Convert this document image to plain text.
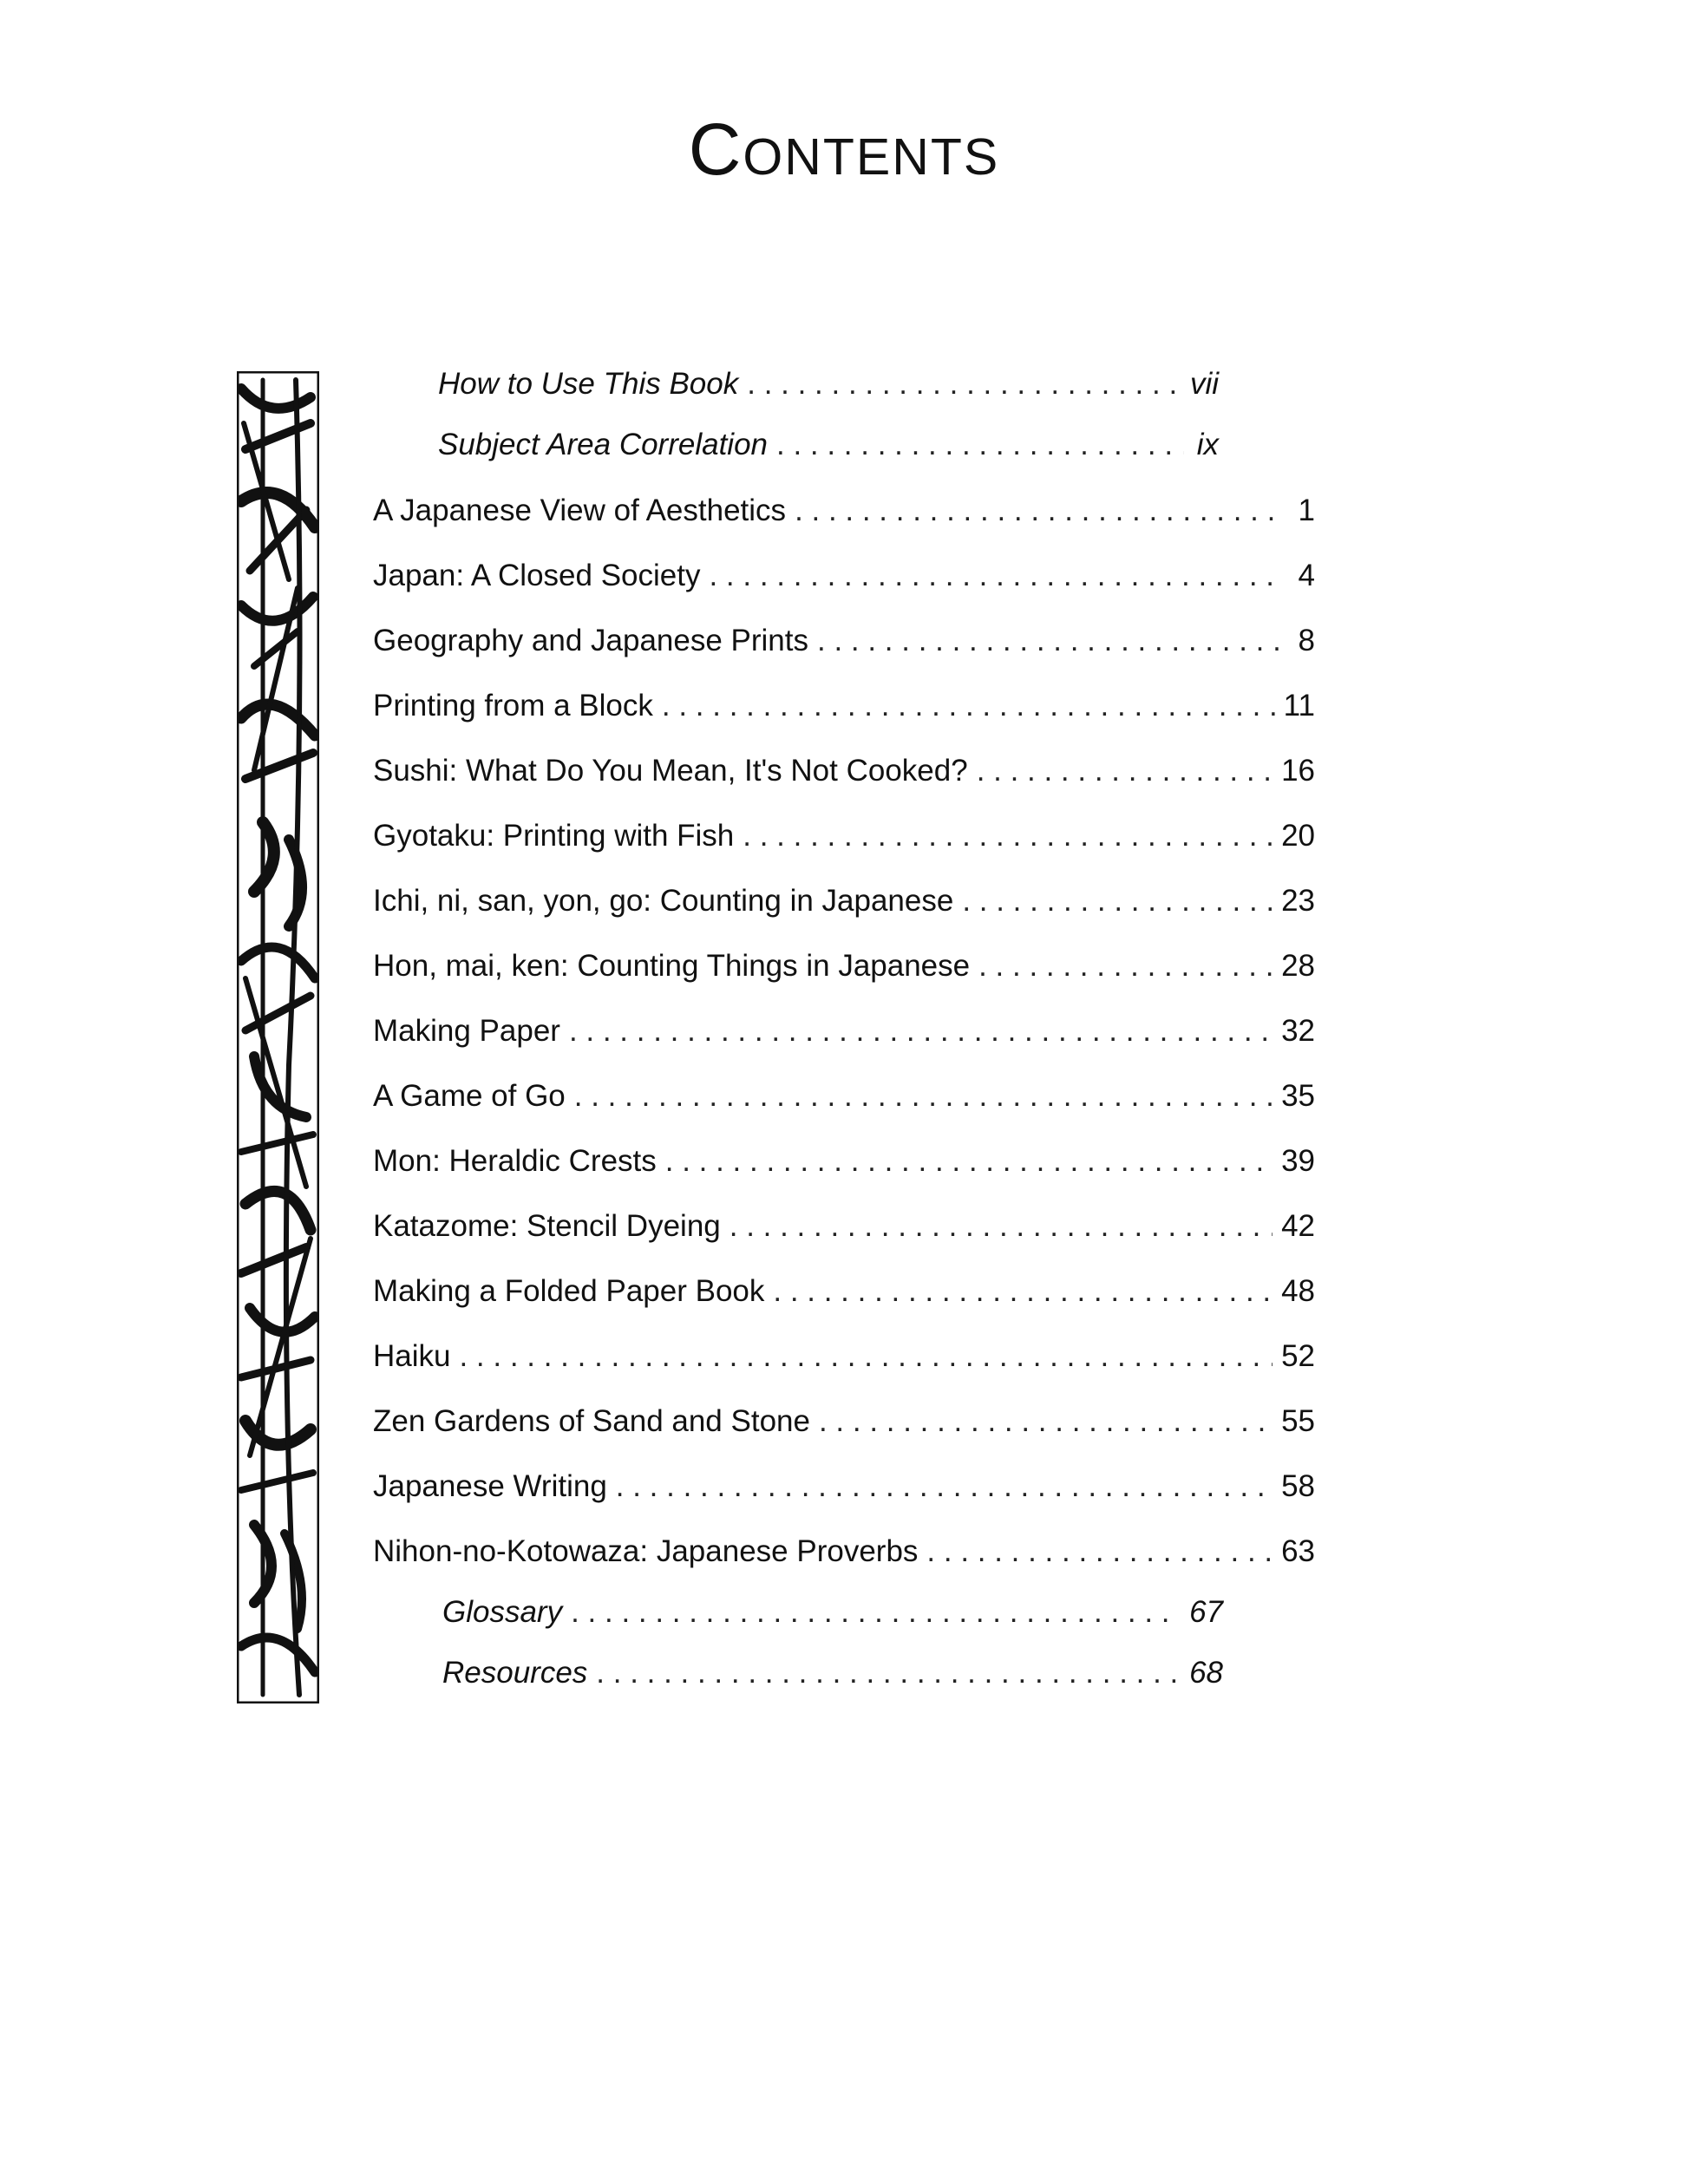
Contents
How to Use This Book . . .	vii
Subject Area Correlation . . .	ix
A Japanese View of Aesthetics . . .	1
Japan: A Closed Society . . .	4
Geography and Japanese Prints . . .	8
Printing from a Block . . .	11
Sushi: What Do You Mean, It's Not Cooked? . . .	16
Gyotaku: Printing with Fish . . .	20
Ichi, ni, san, yon, go: Counting in Japanese . . .	23
Hon, mai, ken: Counting Things in Japanese . . .	28
Making Paper . . .	32
A Game of Go . . .	35
Mon: Heraldic Crests . . .	39
Katazome: Stencil Dyeing . . .	42
Making a Folded Paper Book . . .	48
Haiku . . .	52
Zen Gardens of Sand and Stone . . .	55
Japanese Writing . . .	58
Nihon-no-Kotowaza: Japanese Proverbs . . .	63
Glossary . . .	67
Resources . . .	68
